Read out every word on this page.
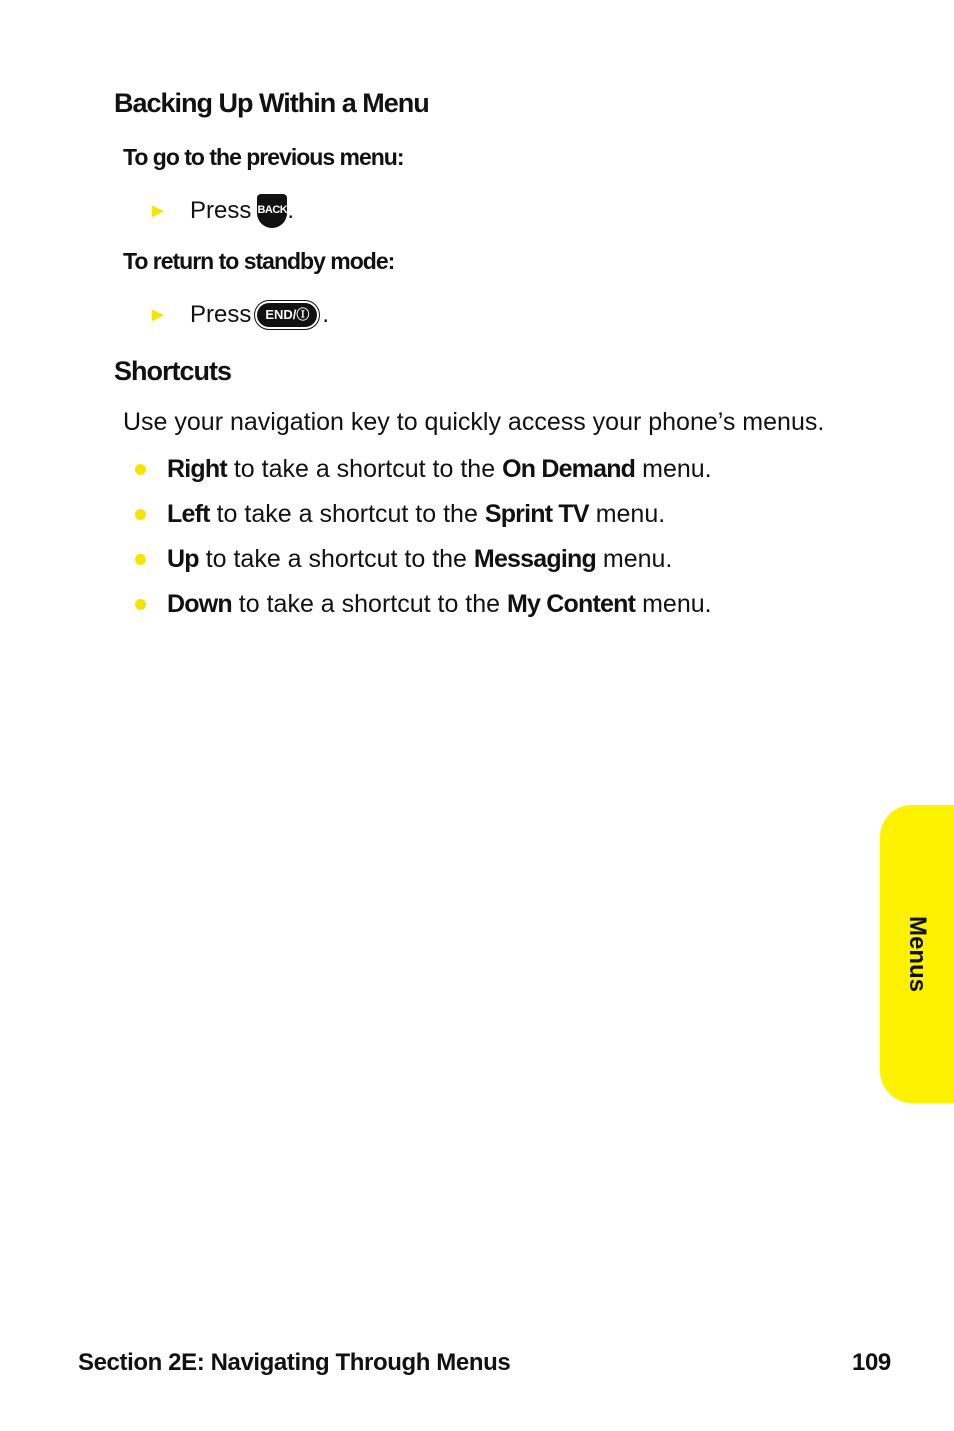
Backing Up Within a Menu
To go to the previous menu:
► Press BACK .
To return to standby mode:
► Press	END/Ⓘ .
Shortcuts
Use your navigation key to quickly access your phone’s menus.
Right
to take a shortcut to the
On Demand
menu.
Left
to take a shortcut to the
Sprint TV
menu.
Up
to take a shortcut to the
Messaging
menu.
Down
to take a shortcut to the
My Content
menu.
Menus
Section 2E: Navigating Through Menus	109
